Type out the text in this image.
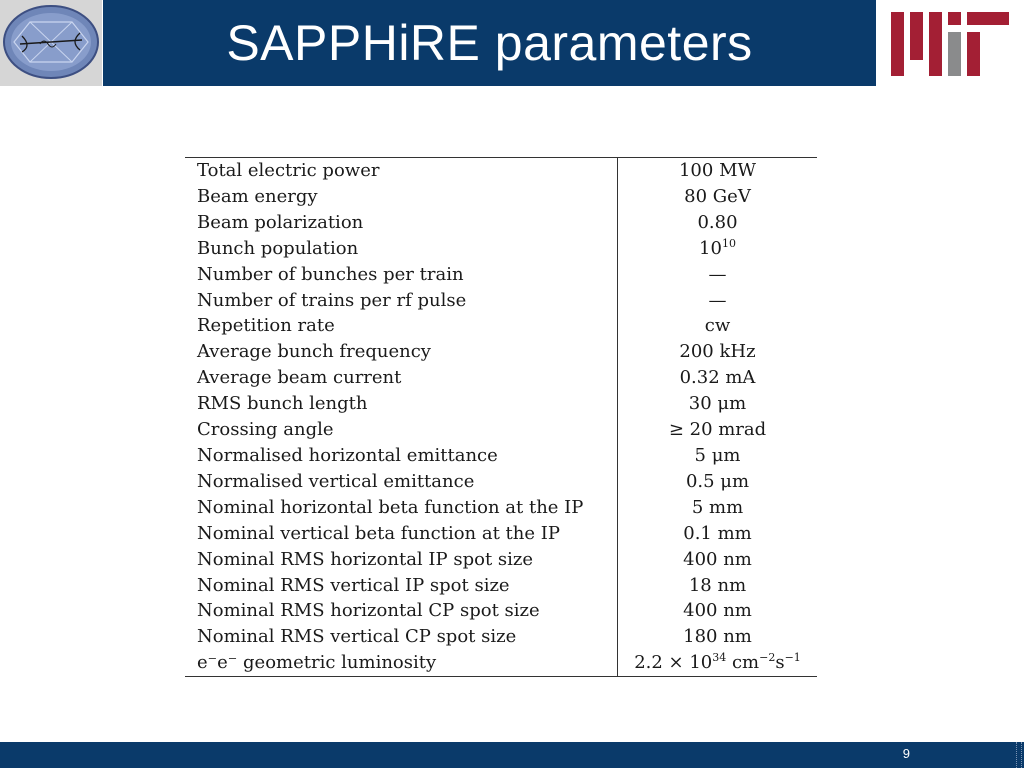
SAPPHiRE parameters
Total electric power	100 MW
Beam energy	80 GeV
Beam polarization	0.80
Bunch population	$10^{10}$
Number of bunches per train	—
Number of trains per rf pulse	—
Repetition rate	cw
Average bunch frequency	200 kHz
Average beam current	0.32 mA
RMS bunch length	30 μm
Crossing angle	≥ 20 mrad
Normalised horizontal emittance	5 μm
Normalised vertical emittance	0.5 μm
Nominal horizontal beta function at the IP	5 mm
Nominal vertical beta function at the IP	0.1 mm
Nominal RMS horizontal IP spot size	400 nm
Nominal RMS vertical IP spot size	18 nm
Nominal RMS horizontal CP spot size	400 nm
Nominal RMS vertical CP spot size	180 nm
e⁻e⁻ geometric luminosity	$2.2 \times 10^{34}$ $cm^{-2}s^{-1}$
9
